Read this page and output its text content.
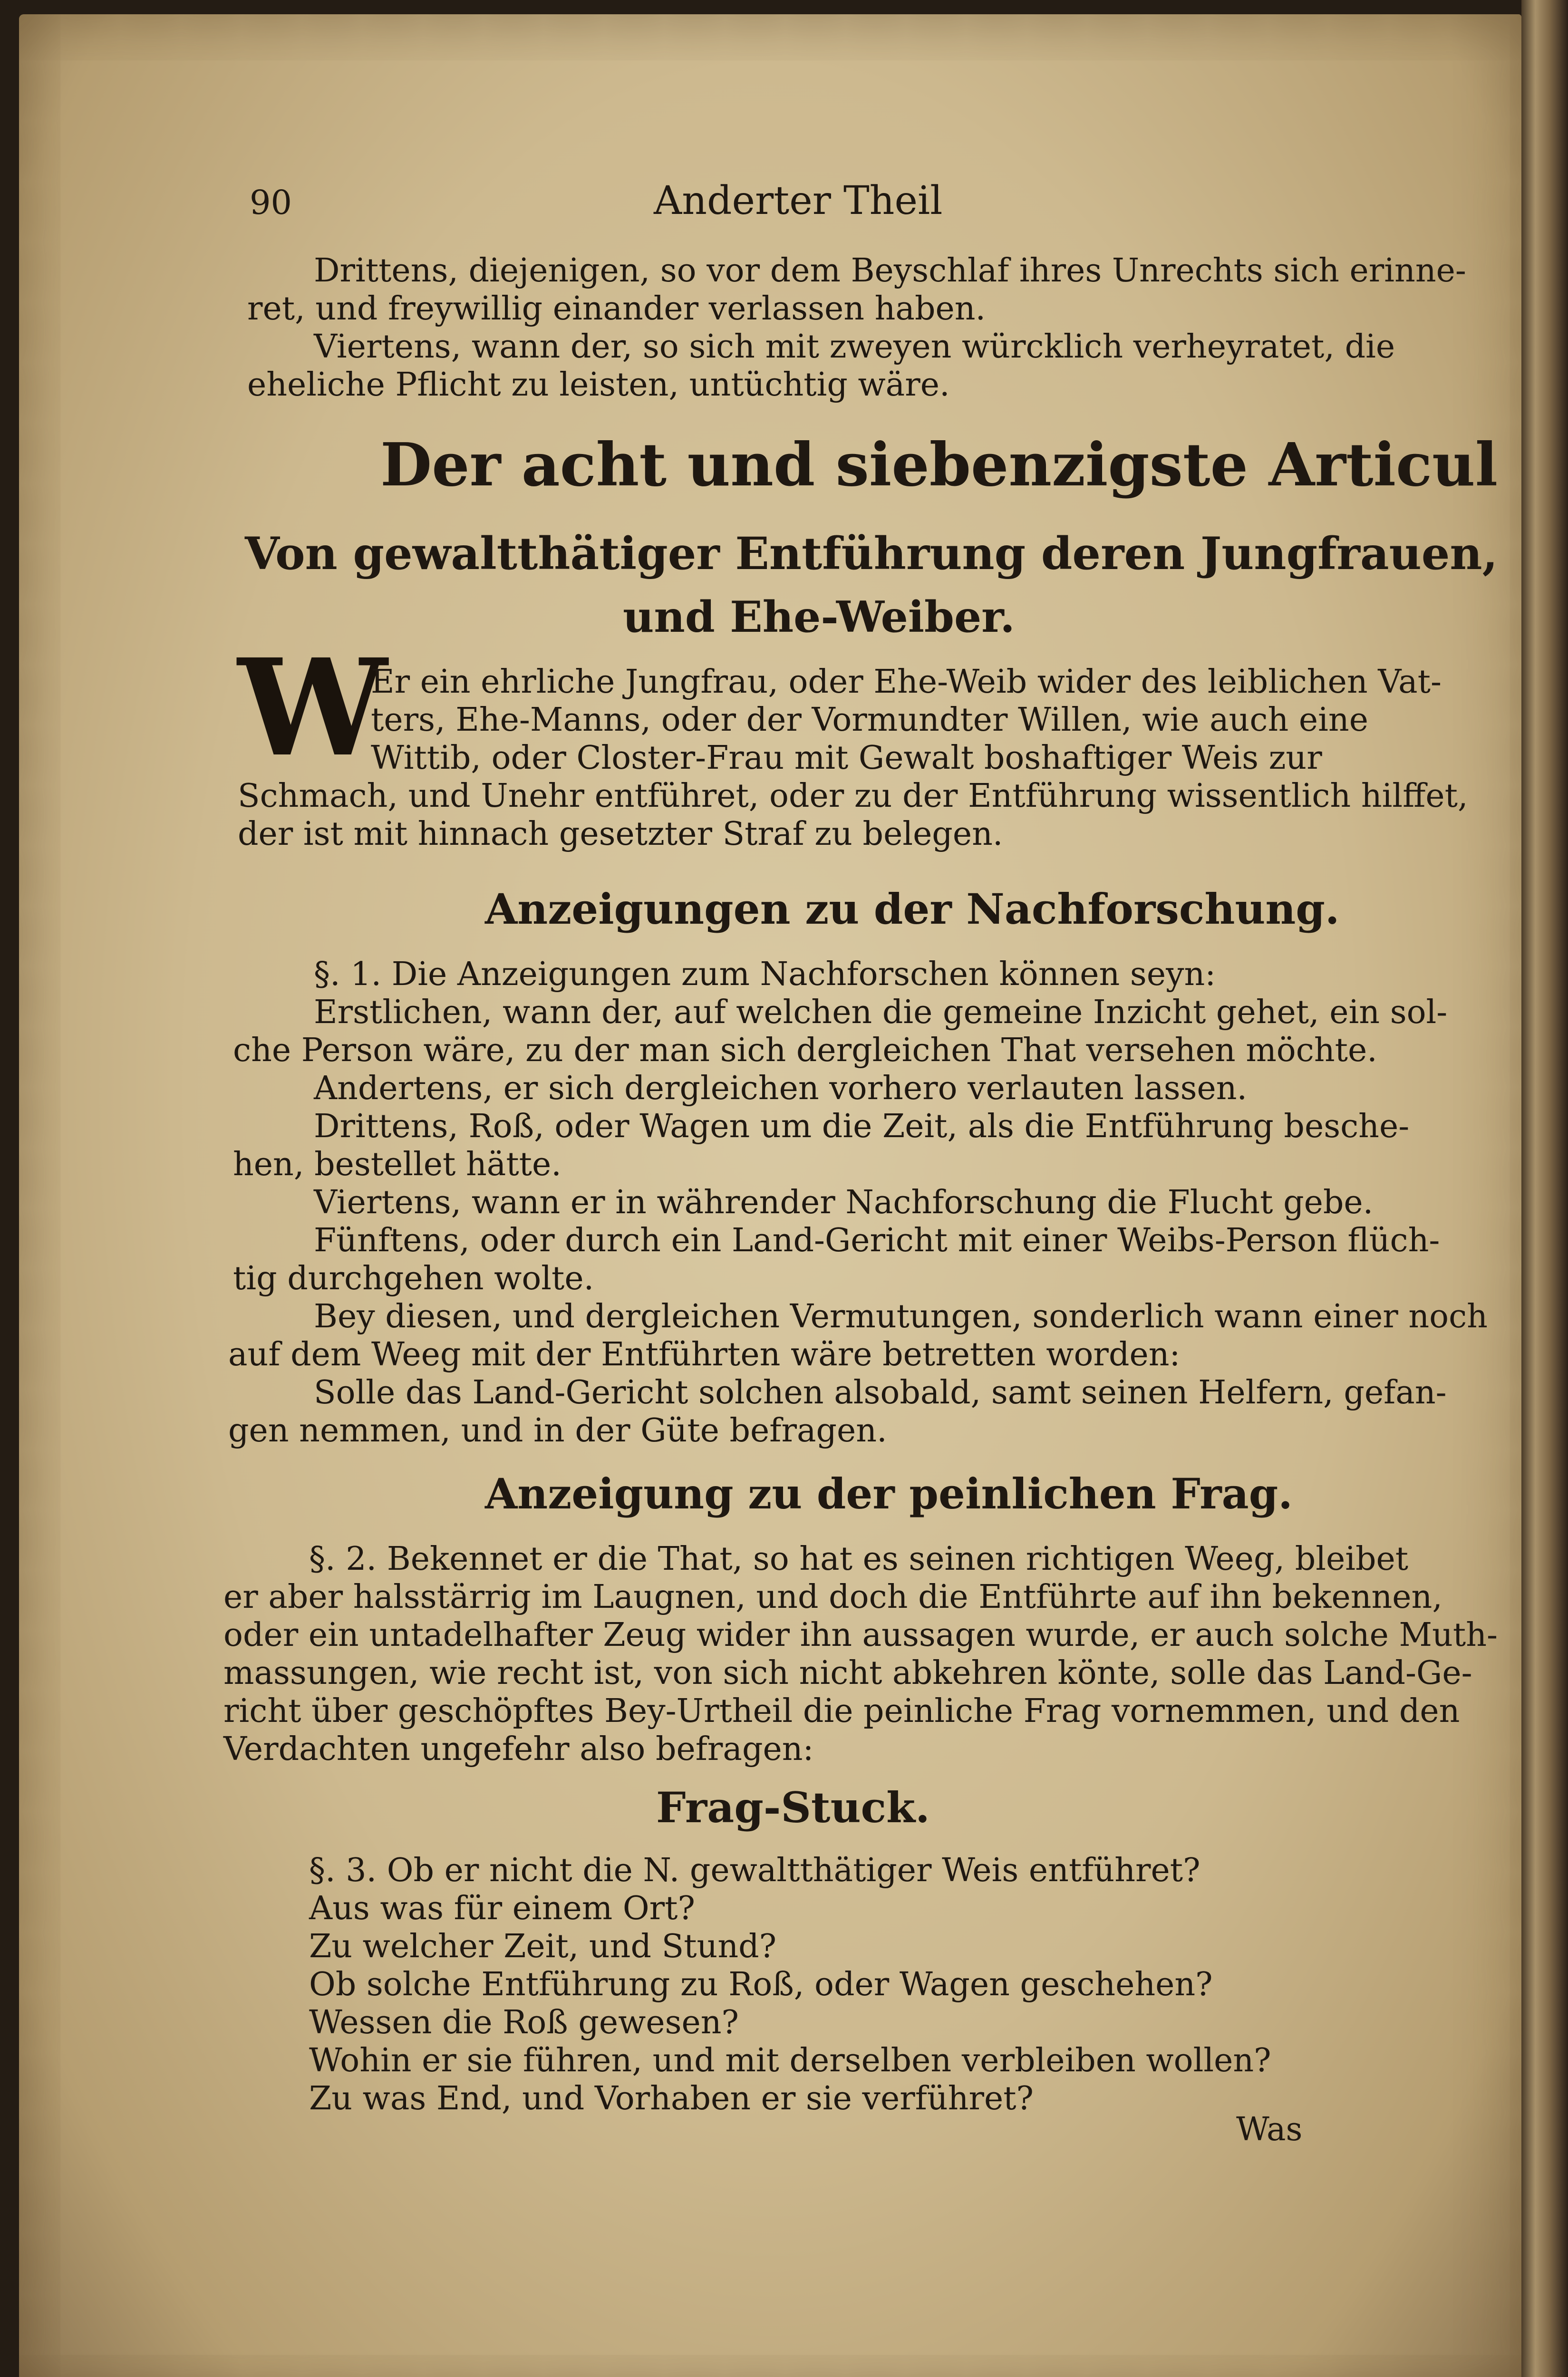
90	Anderter Theil
Drittens, diejenigen, so vor dem Beyschlaf ihres Unrechts sich erinne-
ret, und freywillig einander verlassen haben.
Viertens, wann der, so sich mit zweyen würcklich verheyratet, die
eheliche Pflicht zu leisten, untüchtig wäre.
Der acht und siebenzigste Articul
Von gewaltthätiger Entführung deren Jungfrauen,
und Ehe-Weiber.
W
Er ein ehrliche Jungfrau, oder Ehe-Weib wider des leiblichen Vat-
ters, Ehe-Manns, oder der Vormundter Willen, wie auch eine
Wittib, oder Closter-Frau mit Gewalt boshaftiger Weis zur
Schmach, und Unehr entführet, oder zu der Entführung wissentlich hilffet,
der ist mit hinnach gesetzter Straf zu belegen.
Anzeigungen zu der Nachforschung.
§. 1. Die Anzeigungen zum Nachforschen können seyn:
Erstlichen, wann der, auf welchen die gemeine Inzicht gehet, ein sol-
che Person wäre, zu der man sich dergleichen That versehen möchte.
Andertens, er sich dergleichen vorhero verlauten lassen.
Drittens, Roß, oder Wagen um die Zeit, als die Entführung besche-
hen, bestellet hätte.
Viertens, wann er in währender Nachforschung die Flucht gebe.
Fünftens, oder durch ein Land-Gericht mit einer Weibs-Person flüch-
tig durchgehen wolte.
Bey diesen, und dergleichen Vermutungen, sonderlich wann einer noch
auf dem Weeg mit der Entführten wäre betretten worden:
Solle das Land-Gericht solchen alsobald, samt seinen Helfern, gefan-
gen nemmen, und in der Güte befragen.
Anzeigung zu der peinlichen Frag.
§. 2. Bekennet er die That, so hat es seinen richtigen Weeg, bleibet
er aber halsstärrig im Laugnen, und doch die Entführte auf ihn bekennen,
oder ein untadelhafter Zeug wider ihn aussagen wurde, er auch solche Muth-
massungen, wie recht ist, von sich nicht abkehren könte, solle das Land-Ge-
richt über geschöpftes Bey-Urtheil die peinliche Frag vornemmen, und den
Verdachten ungefehr also befragen:
Frag-Stuck.
§. 3. Ob er nicht die N. gewaltthätiger Weis entführet?
Aus was für einem Ort?
Zu welcher Zeit, und Stund?
Ob solche Entführung zu Roß, oder Wagen geschehen?
Wessen die Roß gewesen?
Wohin er sie führen, und mit derselben verbleiben wollen?
Zu was End, und Vorhaben er sie verführet?
Was
